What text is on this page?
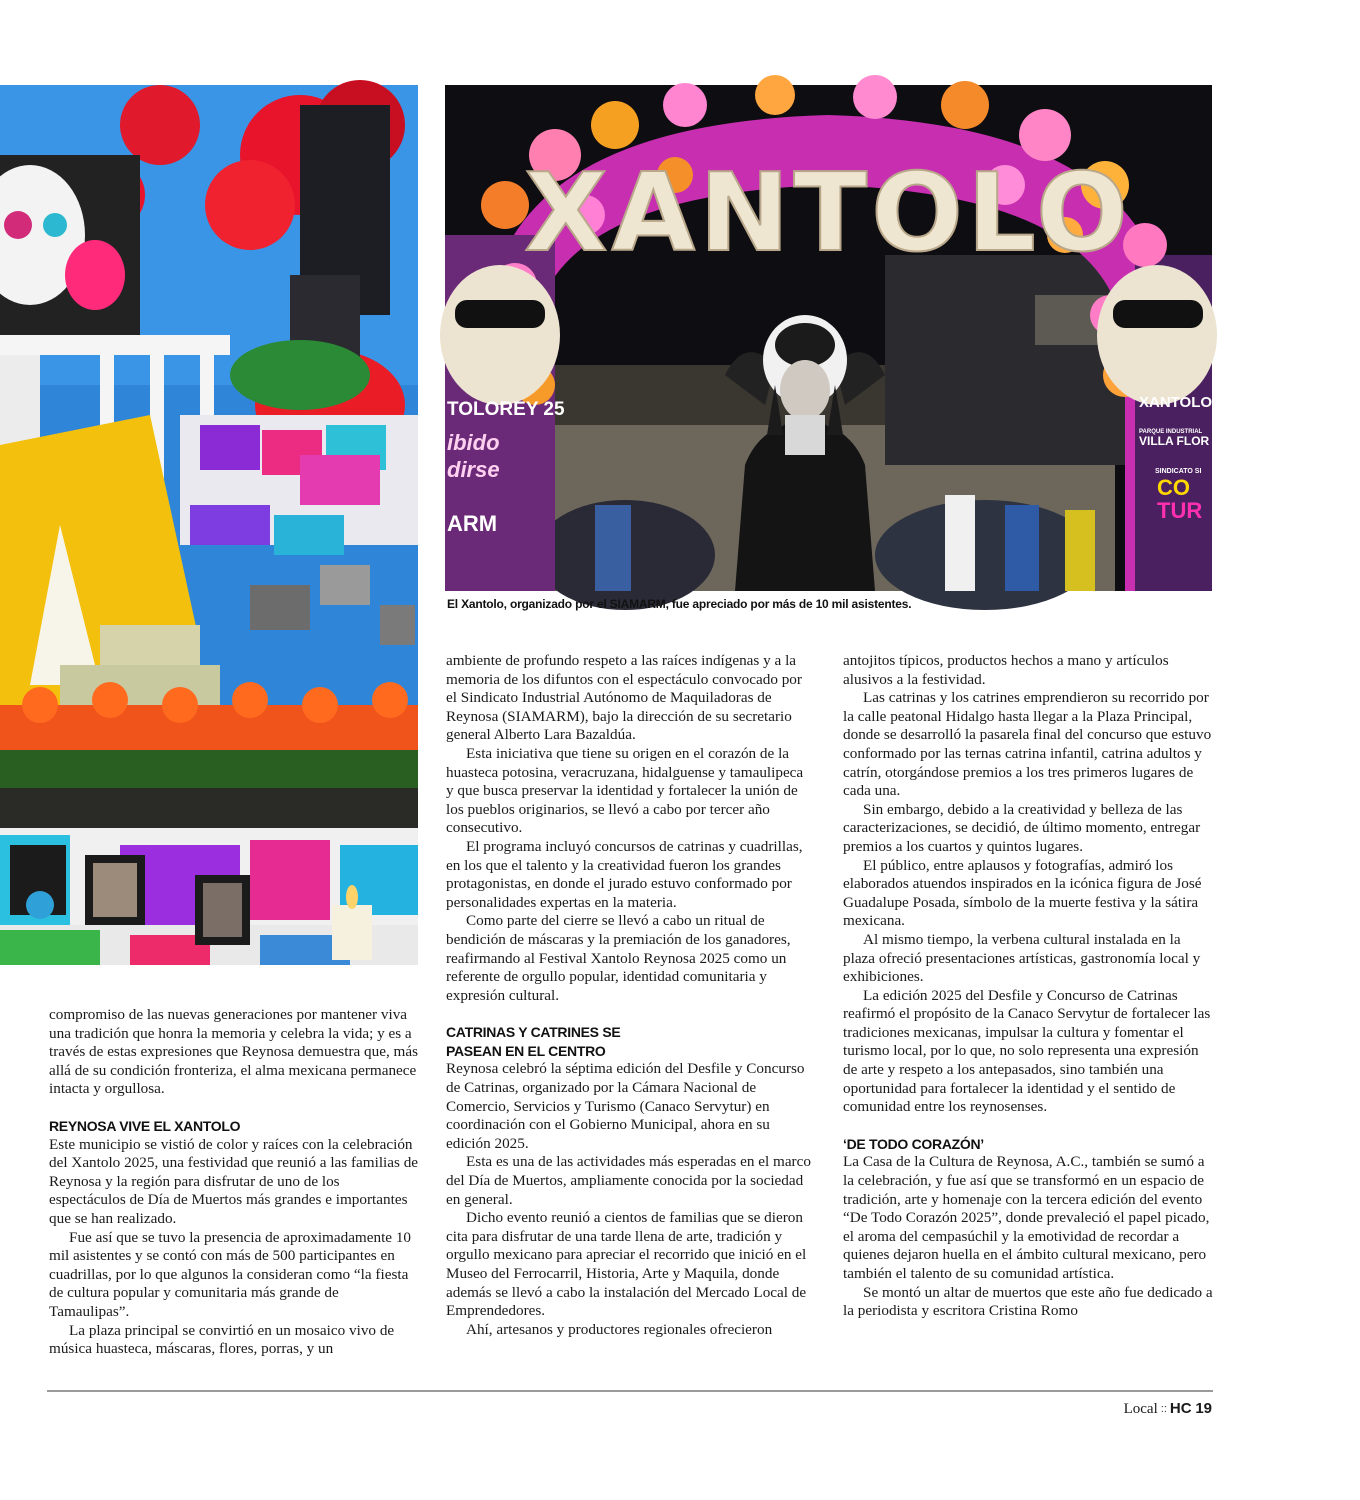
XANTOLO
TOLOREY 25
ibido
dirse
ARM
XANTOLOREY
PARQUE INDUSTRIAL
VILLA FLOR
SINDICATO SI
CO
TUR
El Xantolo, organizado por el SIAMARM, fue apreciado por más de 10 mil asistentes.

compromiso de las nuevas generaciones por mantener viva una tradición que honra la memoria y celebra la vida; y es a través de estas expresiones que Reynosa demuestra que, más allá de su condición fronteriza, el alma mexicana permanece intacta y orgullosa.

REYNOSA VIVE EL XANTOLO

Este municipio se vistió de color y raíces con la celebración del Xantolo 2025, una festividad que reunió a las familias de Reynosa y la región para disfrutar de uno de los espectáculos de Día de Muertos más grandes e importantes que se han realizado.

Fue así que se tuvo la presencia de aproximadamente 10 mil asistentes y se contó con más de 500 participantes en cuadrillas, por lo que algunos la consideran como “la fiesta de cultura popular y comunitaria más grande de Tamaulipas”.

La plaza principal se convirtió en un mosaico vivo de música huasteca, máscaras, flores, porras, y un

ambiente de profundo respeto a las raíces indígenas y a la memoria de los difuntos con el espectáculo convocado por el Sindicato Industrial Autónomo de Maquiladoras de Reynosa (SIAMARM), bajo la dirección de su secretario general Alberto Lara Bazaldúa.

Esta iniciativa que tiene su origen en el corazón de la huasteca potosina, veracruzana, hidalguense y tamaulipeca y que busca preservar la identidad y fortalecer la unión de los pueblos originarios, se llevó a cabo por tercer año consecutivo.

El programa incluyó concursos de catrinas y cuadrillas, en los que el talento y la creatividad fueron los grandes protagonistas, en donde el jurado estuvo conformado por personalidades expertas en la materia.

Como parte del cierre se llevó a cabo un ritual de bendición de máscaras y la premiación de los ganadores, reafirmando al Festival Xantolo Reynosa 2025 como un referente de orgullo popular, identidad comunitaria y expresión cultural.

CATRINAS Y CATRINES SE
PASEAN EN EL CENTRO

Reynosa celebró la séptima edición del Desfile y Concurso de Catrinas, organizado por la Cámara Nacional de Comercio, Servicios y Turismo (Canaco Servytur) en coordinación con el Gobierno Municipal, ahora en su edición 2025.

Esta es una de las actividades más esperadas en el marco del Día de Muertos, ampliamente conocida por la sociedad en general.

Dicho evento reunió a cientos de familias que se dieron cita para disfrutar de una tarde llena de arte, tradición y orgullo mexicano para apreciar el recorrido que inició en el Museo del Ferrocarril, Historia, Arte y Maquila, donde además se llevó a cabo la instalación del Mercado Local de Emprendedores.

Ahí, artesanos y productores regionales ofrecieron

antojitos típicos, productos hechos a mano y artículos alusivos a la festividad.

Las catrinas y los catrines emprendieron su recorrido por la calle peatonal Hidalgo hasta llegar a la Plaza Principal, donde se desarrolló la pasarela final del concurso que estuvo conformado por las ternas catrina infantil, catrina adultos y catrín, otorgándose premios a los tres primeros lugares de cada una.

Sin embargo, debido a la creatividad y belleza de las caracterizaciones, se decidió, de último momento, entregar premios a los cuartos y quintos lugares.

El público, entre aplausos y fotografías, admiró los elaborados atuendos inspirados en la icónica figura de José Guadalupe Posada, símbolo de la muerte festiva y la sátira mexicana.

Al mismo tiempo, la verbena cultural instalada en la plaza ofreció presentaciones artísticas, gastronomía local y exhibiciones.

La edición 2025 del Desfile y Concurso de Catrinas reafirmó el propósito de la Canaco Servytur de fortalecer las tradiciones mexicanas, impulsar la cultura y fomentar el turismo local, por lo que, no solo representa una expresión de arte y respeto a los antepasados, sino también una oportunidad para fortalecer la identidad y el sentido de comunidad entre los reynosenses.

‘DE TODO CORAZÓN’

La Casa de la Cultura de Reynosa, A.C., también se sumó a la celebración, y fue así que se transformó en un espacio de tradición, arte y homenaje con la tercera edición del evento “De Todo Corazón 2025”, donde prevaleció el papel picado, el aroma del cempasúchil y la emotividad de recordar a quienes dejaron huella en el ámbito cultural mexicano, pero también el talento de su comunidad artística.

Se montó un altar de muertos que este año fue dedicado a la periodista y escritora Cristina Romo

Local :: HC 19
